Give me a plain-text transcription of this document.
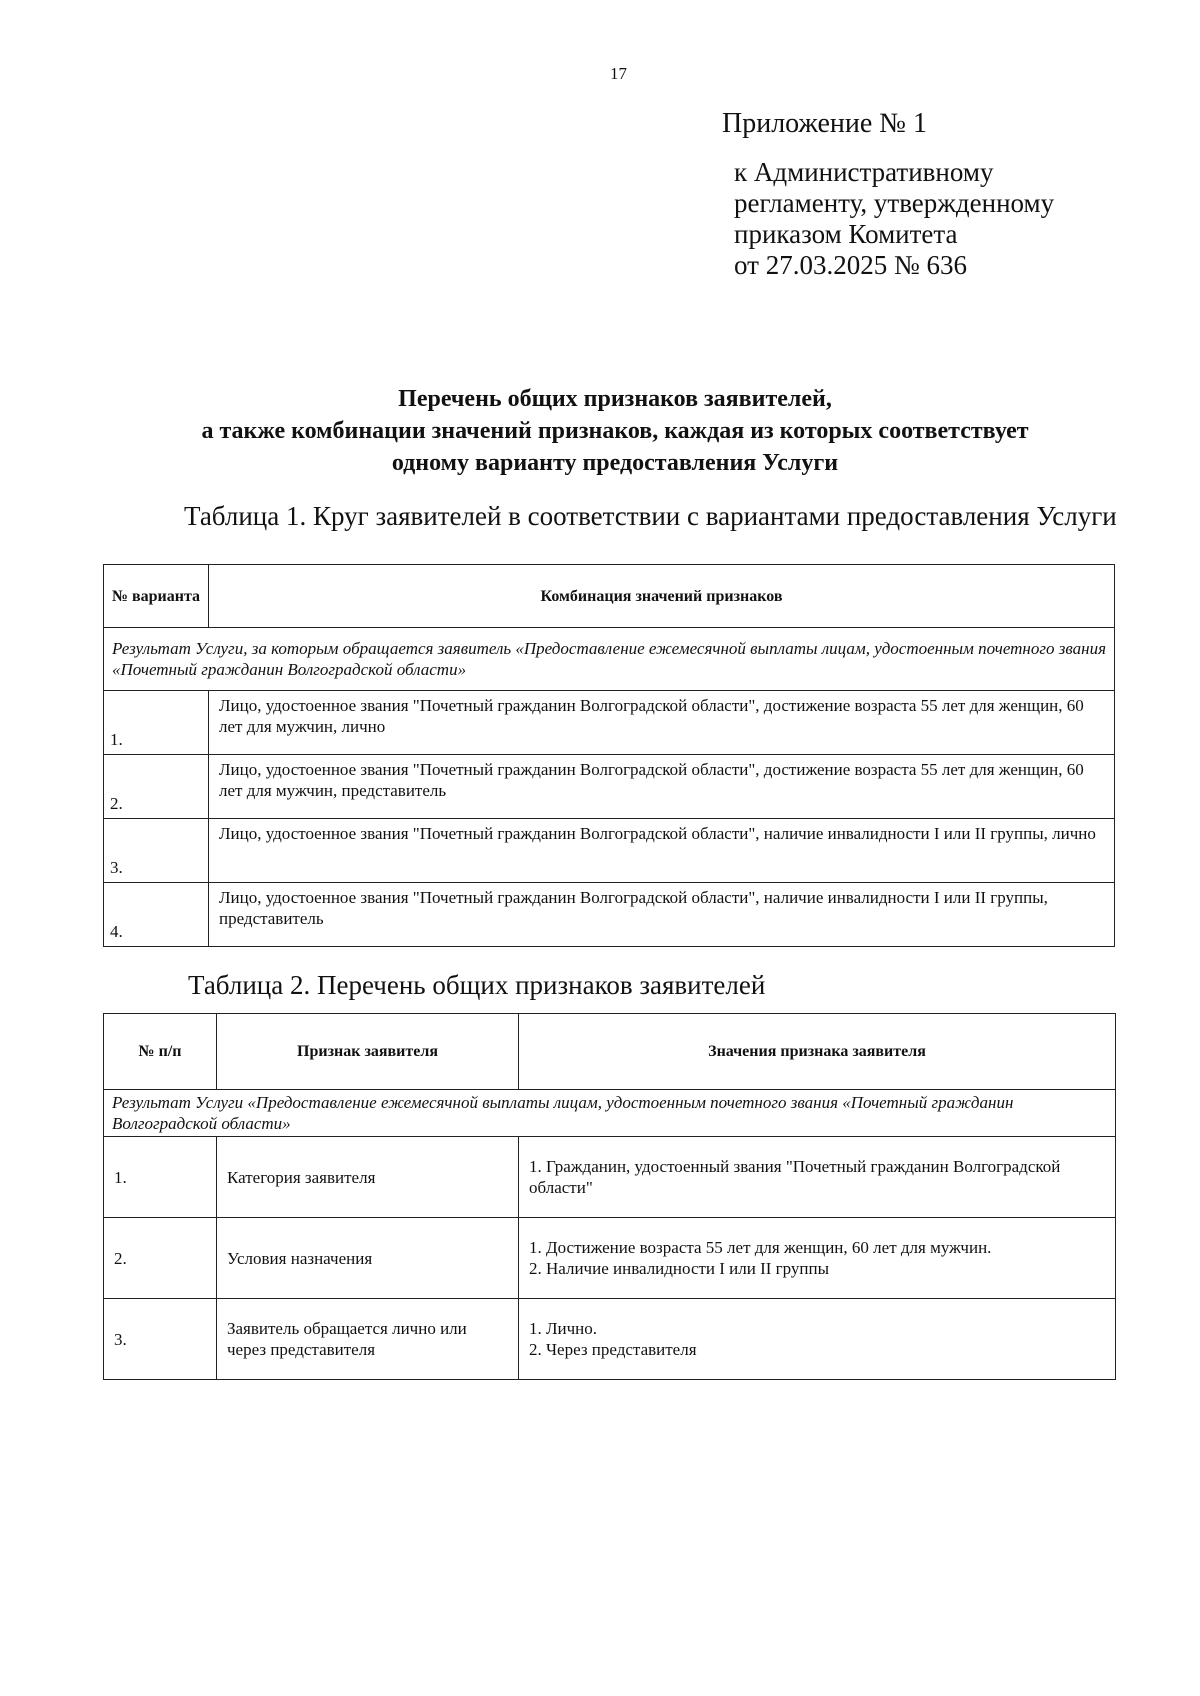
17
Приложение № 1
к Административному
регламенту, утвержденному
приказом Комитета
от 27.03.2025 № 636
Перечень общих признаков заявителей,
а также комбинации значений признаков, каждая из которых соответствует
одному варианту предоставления Услуги
Таблица 1. Круг заявителей в соответствии с вариантами предоставления Услуги
№ варианта	Комбинация значений признаков
Результат Услуги, за которым обращается заявитель «Предоставление ежемесячной выплаты лицам, удостоенным почетного звания «Почетный гражданин Волгоградской области»	
1.	Лицо, удостоенное звания "Почетный гражданин Волгоградской области", достижение возраста 55 лет для женщин, 60 лет для мужчин, лично
2.	Лицо, удостоенное звания "Почетный гражданин Волгоградской области", достижение возраста 55 лет для женщин, 60 лет для мужчин, представитель
3.	Лицо, удостоенное звания "Почетный гражданин Волгоградской области", наличие инвалидности I или II группы, лично
4.	Лицо, удостоенное звания "Почетный гражданин Волгоградской области", наличие инвалидности I или II группы, представитель
Таблица 2. Перечень общих признаков заявителей
№ п/п	Признак заявителя	Значения признака заявителя
Результат Услуги «Предоставление ежемесячной выплаты лицам, удостоенным почетного звания «Почетный гражданин Волгоградской области»		
1.	Категория заявителя	1. Гражданин, удостоенный звания "Почетный гражданин Волгоградской области"

2.	Условия назначения	1. Достижение возраста 55 лет для женщин, 60 лет для мужчин.
2. Наличие инвалидности I или II группы

3.	Заявитель обращается лично или через представителя	1. Лично.
2. Через представителя
